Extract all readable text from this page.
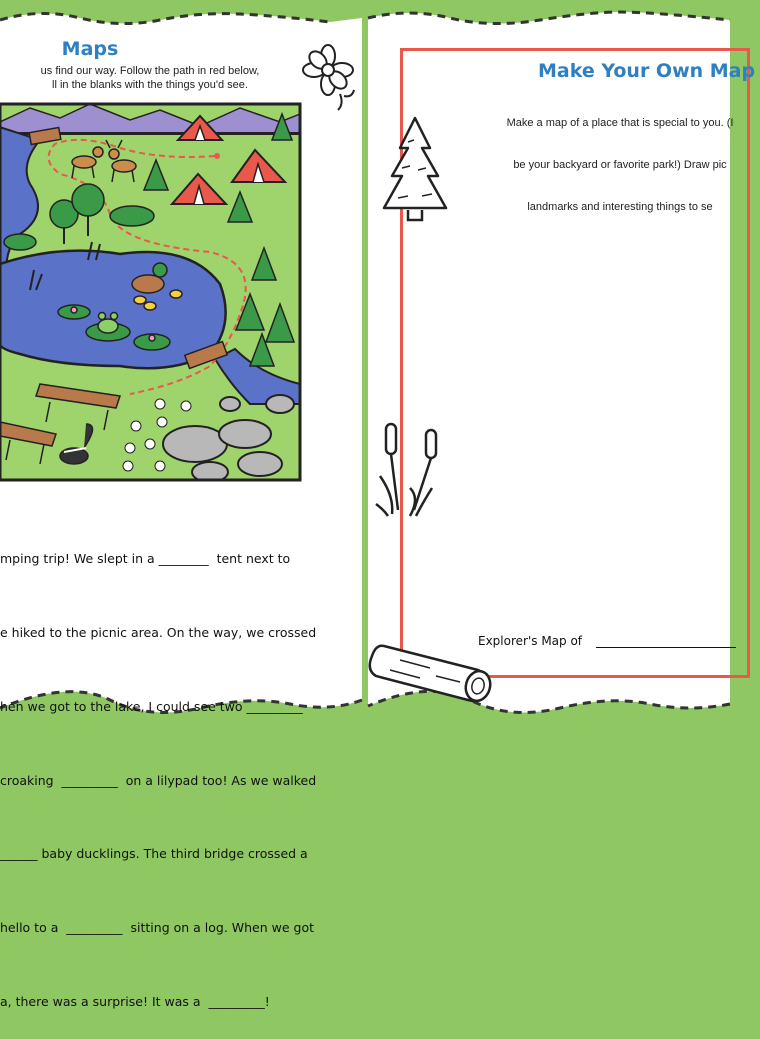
Maps
us find our way. Follow the path in red below,
ll in the blanks with the things you'd see.

mping trip! We slept in a ________  tent next to

e hiked to the picnic area. On the way, we crossed

hen we got to the lake, I could see two _________

croaking  _________  on a lilypad too! As we walked

______ baby ducklings. The third bridge crossed a

hello to a  _________  sitting on a log. When we got

a, there was a surprise! It was a  _________!

Make Your Own Map

Make a map of a place that is special to you. (I

be your backyard or favorite park!) Draw pic

landmarks and interesting things to se

Explorer's Map of
